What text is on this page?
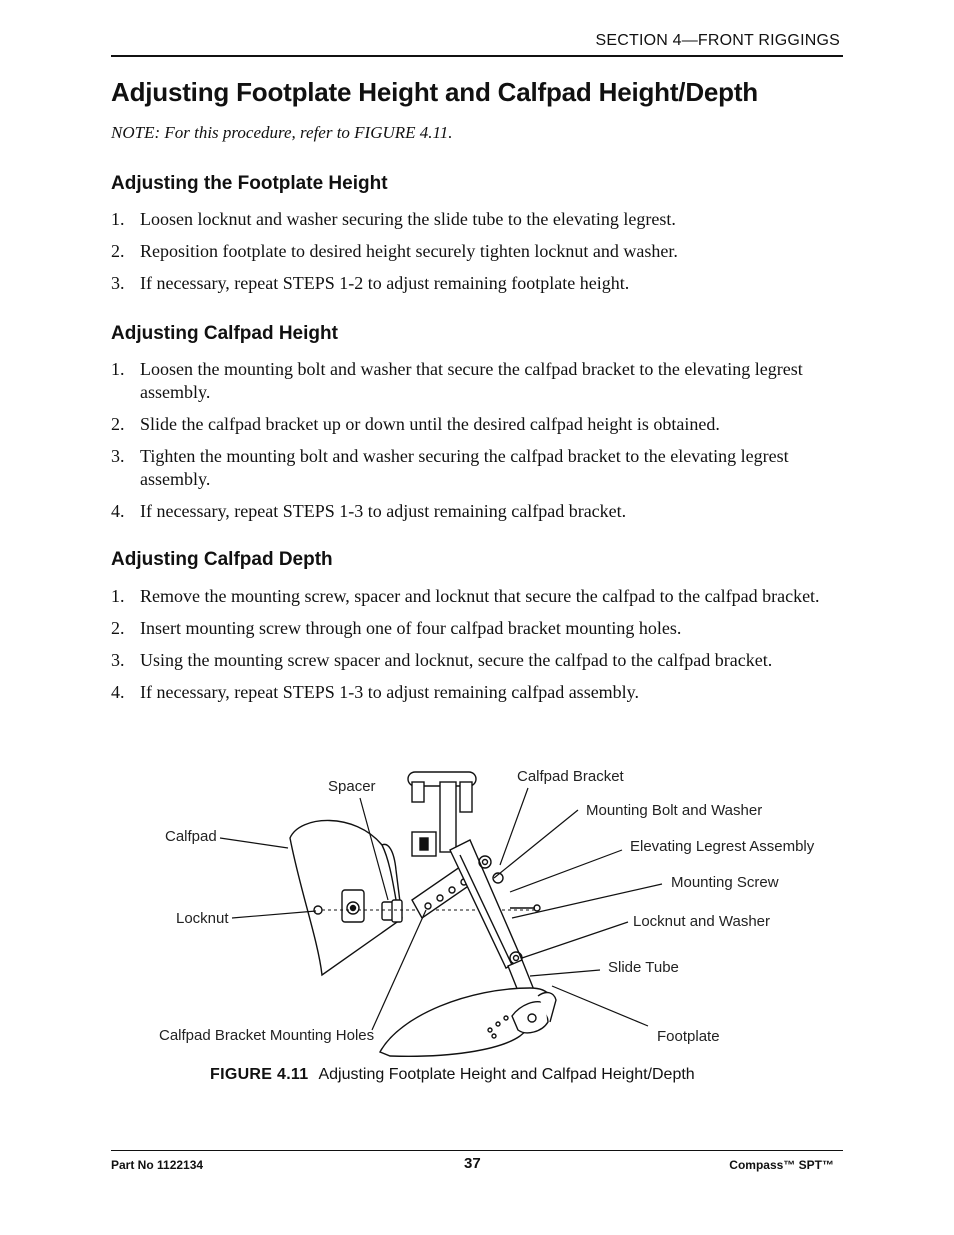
SECTION 4—FRONT RIGGINGS
Adjusting Footplate Height and Calfpad Height/Depth
NOTE: For this procedure, refer to FIGURE 4.11.
Adjusting the Footplate Height
1. Loosen locknut and washer securing the slide tube to the elevating legrest.
2. Reposition footplate to desired height securely tighten locknut and washer.
3. If necessary, repeat STEPS 1-2 to adjust remaining footplate height.
Adjusting Calfpad Height
1. Loosen the mounting bolt and washer that secure the calfpad bracket to the elevating legrest assembly.
2. Slide the calfpad bracket up or down until the desired calfpad height is obtained.
3. Tighten the mounting bolt and washer securing the calfpad bracket to the elevating legrest assembly.
4. If necessary, repeat STEPS 1-3 to adjust remaining calfpad bracket.
Adjusting Calfpad Depth
1. Remove the mounting screw, spacer and locknut that secure the calfpad to the calfpad bracket.
2. Insert mounting screw through one of four calfpad bracket mounting holes.
3. Using the mounting screw spacer and locknut, secure the calfpad to the calfpad bracket.
4. If necessary, repeat STEPS 1-3 to adjust remaining calfpad assembly.
Spacer
Calfpad Bracket
Mounting Bolt and Washer
Calfpad
Elevating Legrest Assembly
Mounting Screw
Locknut	Locknut and Washer
Slide Tube
Calfpad Bracket Mounting Holes	Footplate
FIGURE 4.11 Adjusting Footplate Height and Calfpad Height/Depth
Part No 1122134	37	Compass™ SPT™
